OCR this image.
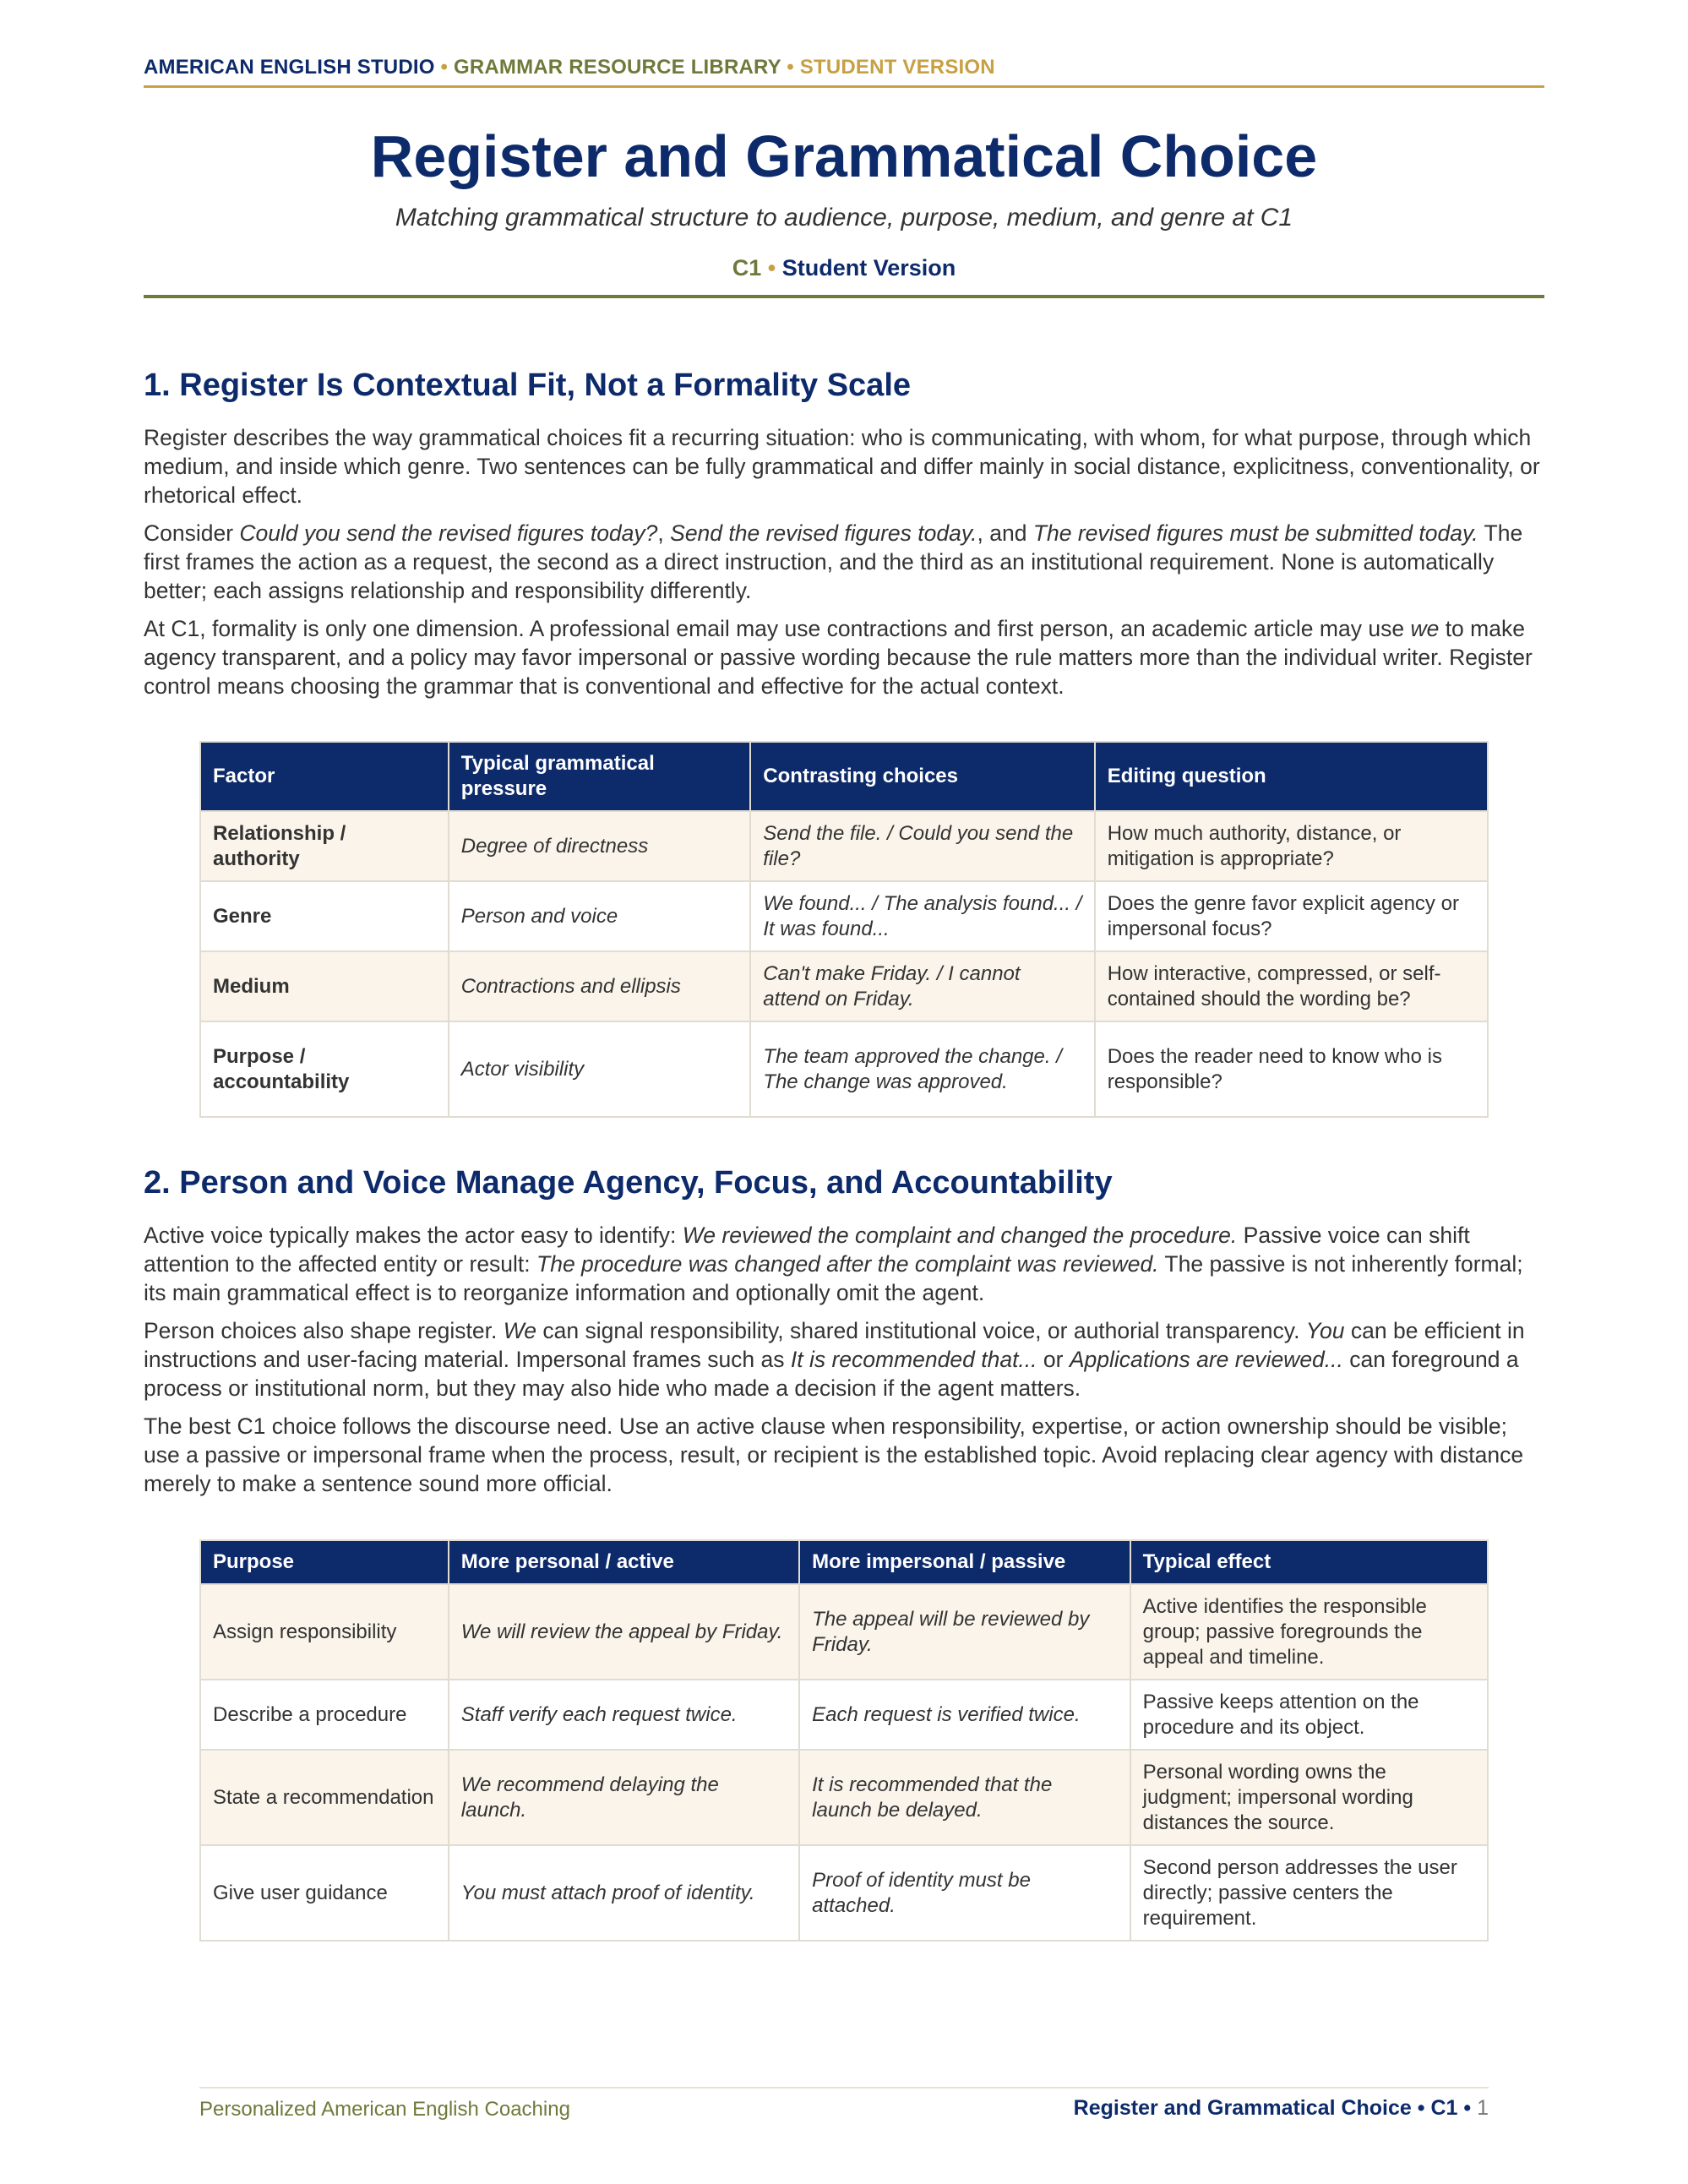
AMERICAN ENGLISH STUDIO • GRAMMAR RESOURCE LIBRARY • STUDENT VERSION
Register and Grammatical Choice
Matching grammatical structure to audience, purpose, medium, and genre at C1
C1 • Student Version
1. Register Is Contextual Fit, Not a Formality Scale

Register describes the way grammatical choices fit a recurring situation: who is communicating, with whom, for what purpose, through which medium, and inside which genre. Two sentences can be fully grammatical and differ mainly in social distance, explicitness, conventionality, or rhetorical effect.

Consider Could you send the revised figures today?, Send the revised figures today., and The revised figures must be submitted today. The first frames the action as a request, the second as a direct instruction, and the third as an institutional requirement. None is automatically better; each assigns relationship and responsibility differently.

At C1, formality is only one dimension. A professional email may use contractions and first person, an academic article may use we to make agency transparent, and a policy may favor impersonal or passive wording because the rule matters more than the individual writer. Register control means choosing the grammar that is conventional and effective for the actual context.

Factor	Typical grammatical pressure	Contrasting choices	Editing question
Relationship / authority	Degree of directness	Send the file. / Could you send the file?	How much authority, distance, or mitigation is appropriate?
Genre	Person and voice	We found... / The analysis found... / It was found...	Does the genre favor explicit agency or impersonal focus?
Medium	Contractions and ellipsis	Can't make Friday. / I cannot attend on Friday.	How interactive, compressed, or self-contained should the wording be?
Purpose / accountability	Actor visibility	The team approved the change. / The change was approved.	Does the reader need to know who is responsible?
2. Person and Voice Manage Agency, Focus, and Accountability

Active voice typically makes the actor easy to identify: We reviewed the complaint and changed the procedure. Passive voice can shift attention to the affected entity or result: The procedure was changed after the complaint was reviewed. The passive is not inherently formal; its main grammatical effect is to reorganize information and optionally omit the agent.

Person choices also shape register. We can signal responsibility, shared institutional voice, or authorial transparency. You can be efficient in instructions and user-facing material. Impersonal frames such as It is recommended that... or Applications are reviewed... can foreground a process or institutional norm, but they may also hide who made a decision if the agent matters.

The best C1 choice follows the discourse need. Use an active clause when responsibility, expertise, or action ownership should be visible; use a passive or impersonal frame when the process, result, or recipient is the established topic. Avoid replacing clear agency with distance merely to make a sentence sound more official.

Purpose	More personal / active	More impersonal / passive	Typical effect
Assign responsibility	We will review the appeal by Friday.	The appeal will be reviewed by Friday.	Active identifies the responsible group; passive foregrounds the appeal and timeline.
Describe a procedure	Staff verify each request twice.	Each request is verified twice.	Passive keeps attention on the procedure and its object.
State a recommendation	We recommend delaying the launch.	It is recommended that the launch be delayed.	Personal wording owns the judgment; impersonal wording distances the source.
Give user guidance	You must attach proof of identity.	Proof of identity must be attached.	Second person addresses the user directly; passive centers the requirement.
Personalized American English Coaching	Register and Grammatical Choice • C1 • 1
